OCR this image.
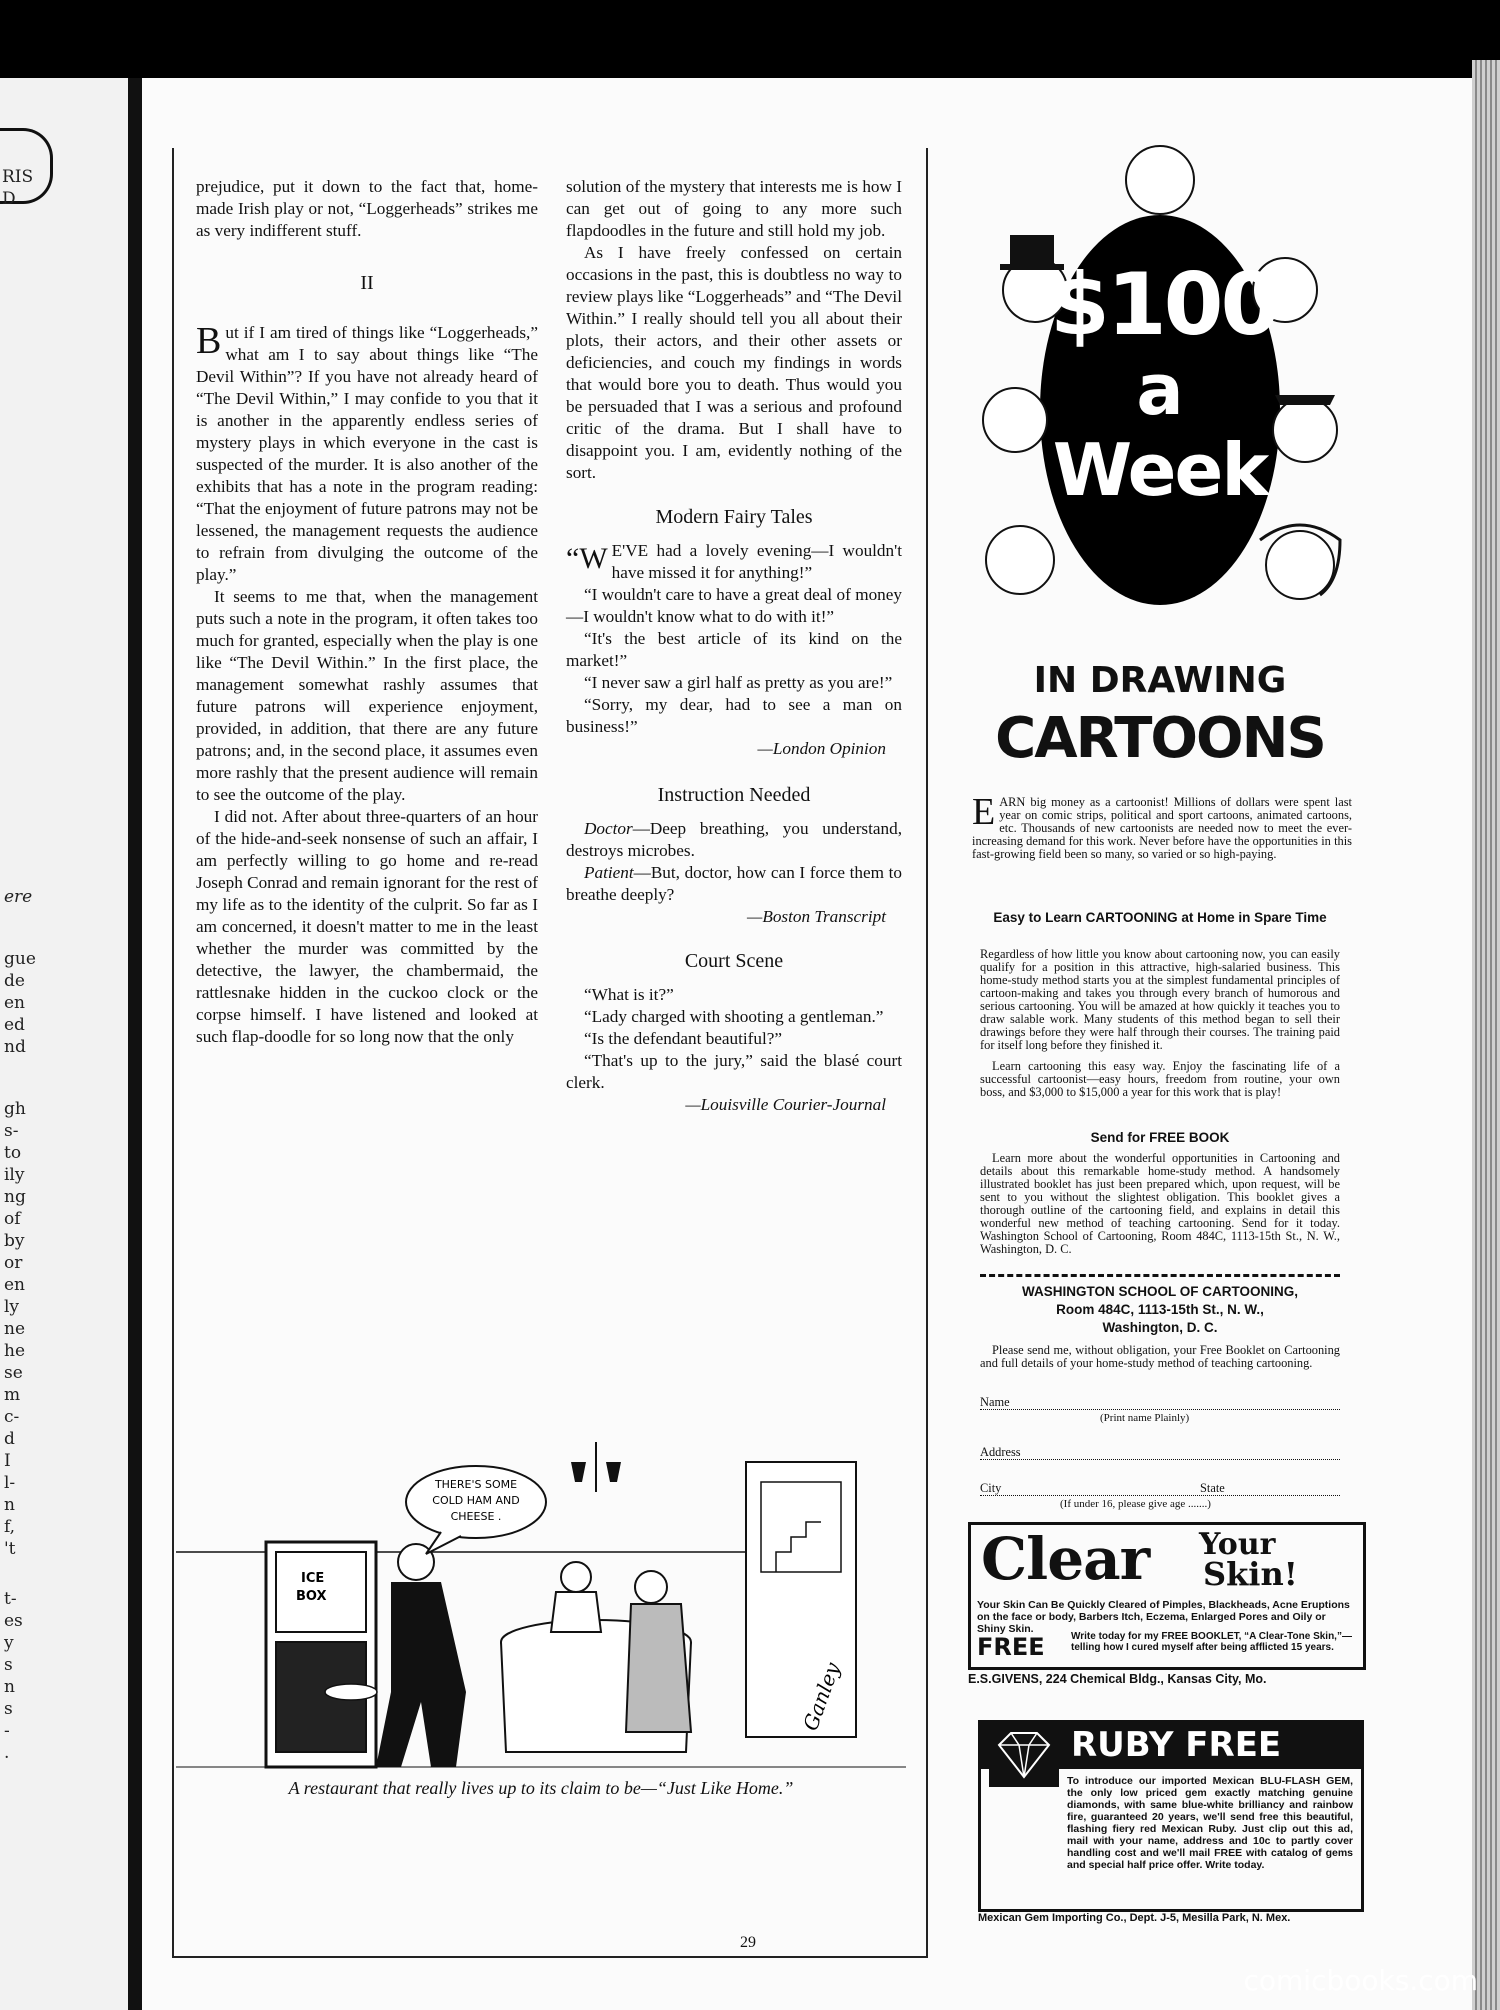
RIS
D
ere
gue
de
en
ed
nd
gh
s-
to
ily
ng
of
by
or
en
ly
ne
he
se
m
c-
d
I
l-
n
f,
't
t-
es
y
s
n
s
-
.

prejudice, put it down to the fact that, home-made Irish play or not, “Loggerheads” strikes me as very indifferent stuff.

II

But if I am tired of things like “Loggerheads,” what am I to say about things like “The Devil Within”? If you have not already heard of “The Devil Within,” I may confide to you that it is another in the apparently endless series of mystery plays in which everyone in the cast is suspected of the murder. It is also another of the exhibits that has a note in the program reading: “That the enjoyment of future patrons may not be lessened, the management requests the audience to refrain from divulging the outcome of the play.”

It seems to me that, when the management puts such a note in the program, it often takes too much for granted, especially when the play is one like “The Devil Within.” In the first place, the management somewhat rashly assumes that future patrons will experience enjoyment, provided, in addition, that there are any future patrons; and, in the second place, it assumes even more rashly that the present audience will remain to see the outcome of the play.

I did not. After about three-quarters of an hour of the hide-and-seek nonsense of such an affair, I am perfectly willing to go home and re-read Joseph Conrad and remain ignorant for the rest of my life as to the identity of the culprit. So far as I am concerned, it doesn't matter to me in the least whether the murder was committed by the detective, the lawyer, the chambermaid, the rattlesnake hidden in the cuckoo clock or the corpse himself. I have listened and looked at such flap-doodle for so long now that the only

solution of the mystery that interests me is how I can get out of going to any more such flapdoodles in the future and still hold my job.

As I have freely confessed on certain occasions in the past, this is doubtless no way to review plays like “Loggerheads” and “The Devil Within.” I really should tell you all about their plots, their actors, and their other assets or deficiencies, and couch my findings in words that would bore you to death. Thus would you be persuaded that I was a serious and profound critic of the drama. But I shall have to disappoint you. I am, evidently nothing of the sort.

Modern Fairy Tales

“W E'VE had a lovely evening—I wouldn't have missed it for anything!”

“I wouldn't care to have a great deal of money—I wouldn't know what to do with it!”

“It's the best article of its kind on the market!”

“I never saw a girl half as pretty as you are!”

“Sorry, my dear, had to see a man on business!”

—London Opinion
Instruction Needed

Doctor—Deep breathing, you understand, destroys microbes.

Patient—But, doctor, how can I force them to breathe deeply?

—Boston Transcript
Court Scene

“What is it?”

“Lady charged with shooting a gentleman.”

“Is the defendant beautiful?”

“That's up to the jury,” said the blasé court clerk.

—Louisville Courier-Journal
ICE
BOX
THERE'S SOME
COLD HAM AND
CHEESE .
Ganley
A restaurant that really lives up to its claim to be—“Just Like Home.”
$100
a
Week
IN DRAWING
CARTOONS
EARN big money as a cartoonist! Millions of dollars were spent last year on comic strips, political and sport cartoons, animated cartoons, etc. Thousands of new cartoonists are needed now to meet the ever-increasing demand for this work. Never before have the opportunities in this fast-growing field been so many, so varied or so high-paying.
Easy to Learn CARTOONING at Home in Spare Time
Regardless of how little you know about cartooning now, you can easily qualify for a position in this attractive, high-salaried business. This home-study method starts you at the simplest fundamental principles of cartoon-making and takes you through every branch of humorous and serious cartooning. You will be amazed at how quickly it teaches you to draw salable work. Many students of this method began to sell their drawings before they were half through their courses. The training paid for itself long before they finished it.
Learn cartooning this easy way. Enjoy the fascinating life of a successful cartoonist—easy hours, freedom from routine, your own boss, and $3,000 to $15,000 a year for this work that is play!
Send for FREE BOOK
Learn more about the wonderful opportunities in Cartooning and details about this remarkable home-study method. A handsomely illustrated booklet has just been prepared which, upon request, will be sent to you without the slightest obligation. This booklet gives a thorough outline of the cartooning field, and explains in detail this wonderful new method of teaching cartooning. Send for it today. Washington School of Cartooning, Room 484C, 1113-15th St., N. W., Washington, D. C.
WASHINGTON SCHOOL OF CARTOONING,
Room 484C, 1113-15th St., N. W.,
Washington, D. C.
Please send me, without obligation, your Free Booklet on Cartooning and full details of your home-study method of teaching cartooning.
Name
(Print name Plainly)
Address
City	State
(If under 16, please give age .......)
Clear Your
Skin!
Your Skin Can Be Quickly Cleared of Pimples, Blackheads, Acne Eruptions on the face or body, Barbers Itch, Eczema, Enlarged Pores and Oily or Shiny Skin.
FREE	Write today for my FREE BOOKLET, “A Clear-Tone Skin,”—telling how I cured myself after being afflicted 15 years.
E.S.GIVENS, 224 Chemical Bldg., Kansas City, Mo.
RUBY FREE
To introduce our imported Mexican BLU-FLASH GEM, the only low priced gem exactly matching genuine diamonds, with same blue-white brilliancy and rainbow fire, guaranteed 20 years, we'll send free this beautiful, flashing fiery red Mexican Ruby. Just clip out this ad, mail with your name, address and 10c to partly cover handling cost and we'll mail FREE with catalog of gems and special half price offer. Write today.
Mexican Gem Importing Co., Dept. J-5, Mesilla Park, N. Mex.
29
comicbooks.com
